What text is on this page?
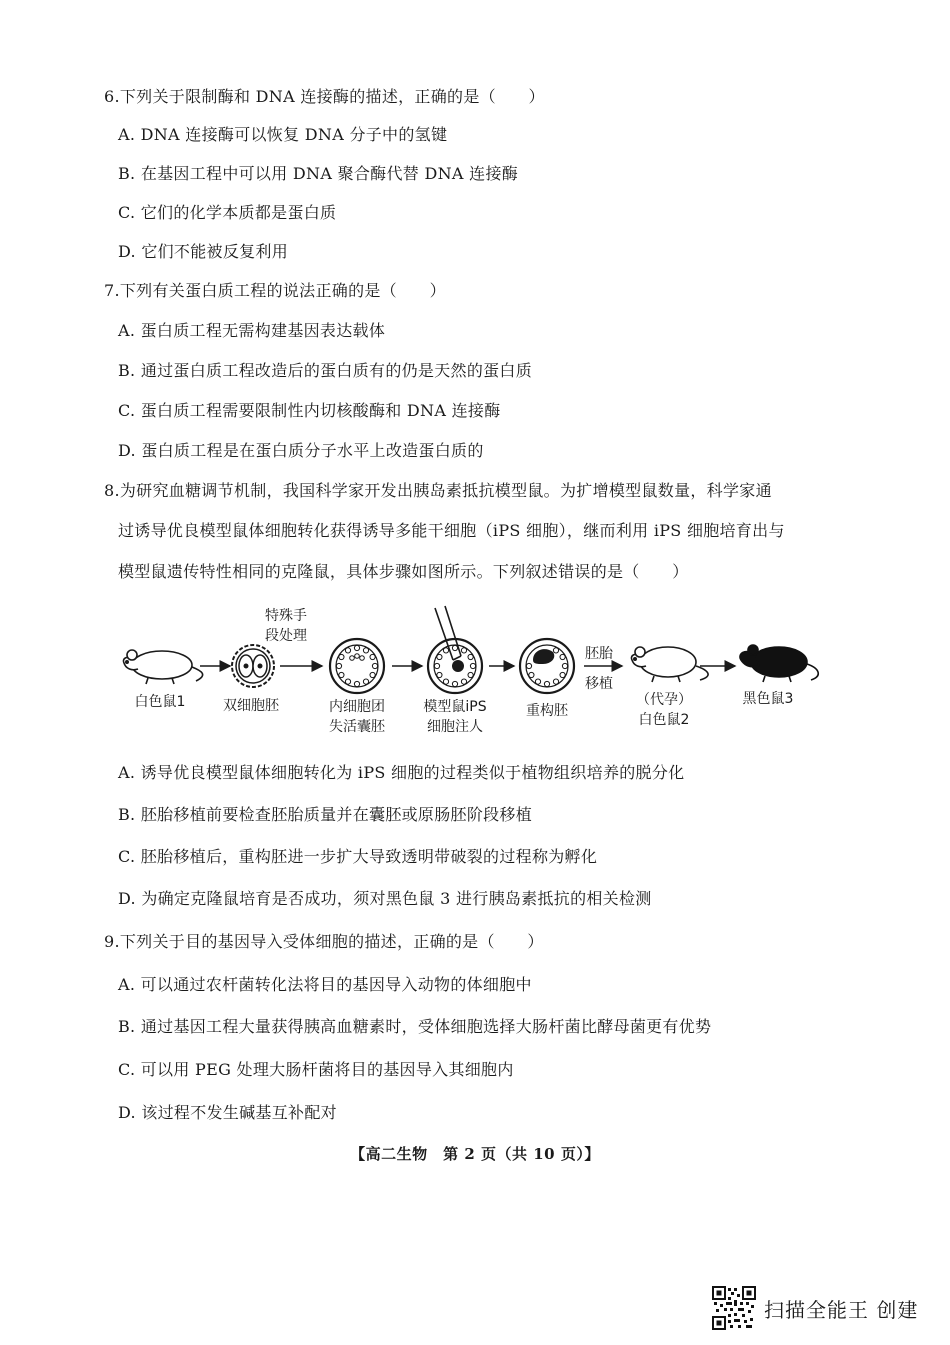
6.下列关于限制酶和 DNA 连接酶的描述，正确的是（　　）
A. DNA 连接酶可以恢复 DNA 分子中的氢键
B. 在基因工程中可以用 DNA 聚合酶代替 DNA 连接酶
C. 它们的化学本质都是蛋白质
D. 它们不能被反复利用
7.下列有关蛋白质工程的说法正确的是（　　）
A. 蛋白质工程无需构建基因表达载体
B. 通过蛋白质工程改造后的蛋白质有的仍是天然的蛋白质
C. 蛋白质工程需要限制性内切核酸酶和 DNA 连接酶
D. 蛋白质工程是在蛋白质分子水平上改造蛋白质的
8.为研究血糖调节机制，我国科学家开发出胰岛素抵抗模型鼠。为扩增模型鼠数量，科学家通
过诱导优良模型鼠体细胞转化获得诱导多能干细胞（iPS 细胞），继而利用 iPS 细胞培育出与
模型鼠遗传特性相同的克隆鼠，具体步骤如图所示。下列叙述错误的是（　　）
白色鼠1	双细胞胚
特殊手
段处理
内细胞团
失活囊胚
模型鼠iPS
细胞注人
重构胚
胚胎
移植
（代孕）
白色鼠2
黑色鼠3
A. 诱导优良模型鼠体细胞转化为 iPS 细胞的过程类似于植物组织培养的脱分化
B. 胚胎移植前要检查胚胎质量并在囊胚或原肠胚阶段移植
C. 胚胎移植后，重构胚进一步扩大导致透明带破裂的过程称为孵化
D. 为确定克隆鼠培育是否成功，须对黑色鼠 3 进行胰岛素抵抗的相关检测
9.下列关于目的基因导入受体细胞的描述，正确的是（　　）
A. 可以通过农杆菌转化法将目的基因导入动物的体细胞中
B. 通过基因工程大量获得胰高血糖素时，受体细胞选择大肠杆菌比酵母菌更有优势
C. 可以用 PEG 处理大肠杆菌将目的基因导入其细胞内
D. 该过程不发生碱基互补配对
【高二生物　第 2 页（共 10 页）】
扫描全能王 创建
